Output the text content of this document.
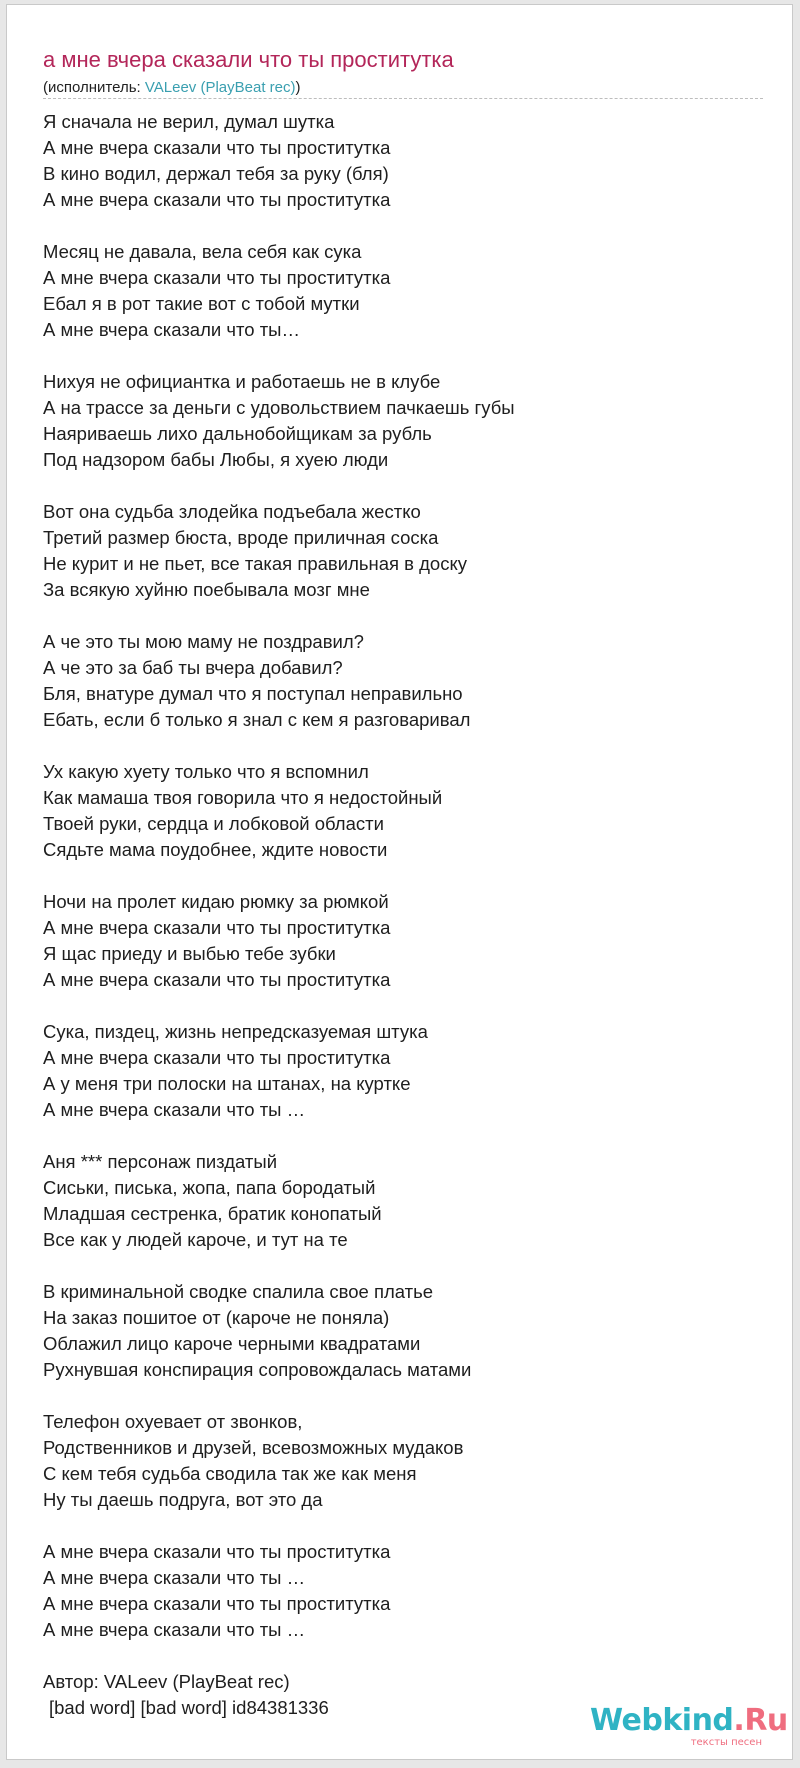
а мне вчера сказали что ты проститутка
(исполнитель: VALeev (PlayBeat rec))
Я сначала не верил, думал шутка
А мне вчера сказали что ты проститутка
В кино водил, держал тебя за руку (бля)
А мне вчера сказали что ты проститутка
Месяц не давала, вела себя как сука
А мне вчера сказали что ты проститутка
Ебал я в рот такие вот с тобой мутки
А мне вчера сказали что ты…
Нихуя не официантка и работаешь не в клубе
А на трассе за деньги с удовольствием пачкаешь губы
Наяриваешь лихо дальнобойщикам за рубль
Под надзором бабы Любы, я хуею люди
Вот она судьба злодейка подъебала жестко
Третий размер бюста, вроде приличная соска
Не курит и не пьет, все такая правильная в доску
За всякую хуйню поебывала мозг мне
А че это ты мою маму не поздравил?
А че это за баб ты вчера добавил?
Бля, внатуре думал что я поступал неправильно
Ебать, если б только я знал с кем я разговаривал
Ух какую хуету только что я вспомнил
Как мамаша твоя говорила что я недостойный
Твоей руки, сердца и лобковой области
Сядьте мама поудобнее, ждите новости
Ночи на пролет кидаю рюмку за рюмкой
А мне вчера сказали что ты проститутка
Я щас приеду и выбью тебе зубки
А мне вчера сказали что ты проститутка
Сука, пиздец, жизнь непредсказуемая штука
А мне вчера сказали что ты проститутка
А у меня три полоски на штанах, на куртке
А мне вчера сказали что ты …
Аня *** персонаж пиздатый
Сиськи, писька, жопа, папа бородатый
Младшая сестренка, братик конопатый
Все как у людей кароче, и тут на те
В криминальной сводке спалила свое платье
На заказ пошитое от (кароче не поняла)
Облажил лицо кароче черными квадратами
Рухнувшая конспирация сопровождалась матами
Телефон охуевает от звонков,
Родственников и друзей, всевозможных мудаков
С кем тебя судьба сводила так же как меня
Ну ты даешь подруга, вот это да
А мне вчера сказали что ты проститутка
А мне вчера сказали что ты …
А мне вчера сказали что ты проститутка
А мне вчера сказали что ты …
Автор: VALeev (PlayBeat rec)
[bad word] [bad word] id84381336	Webkind.Ru
тексты песен
